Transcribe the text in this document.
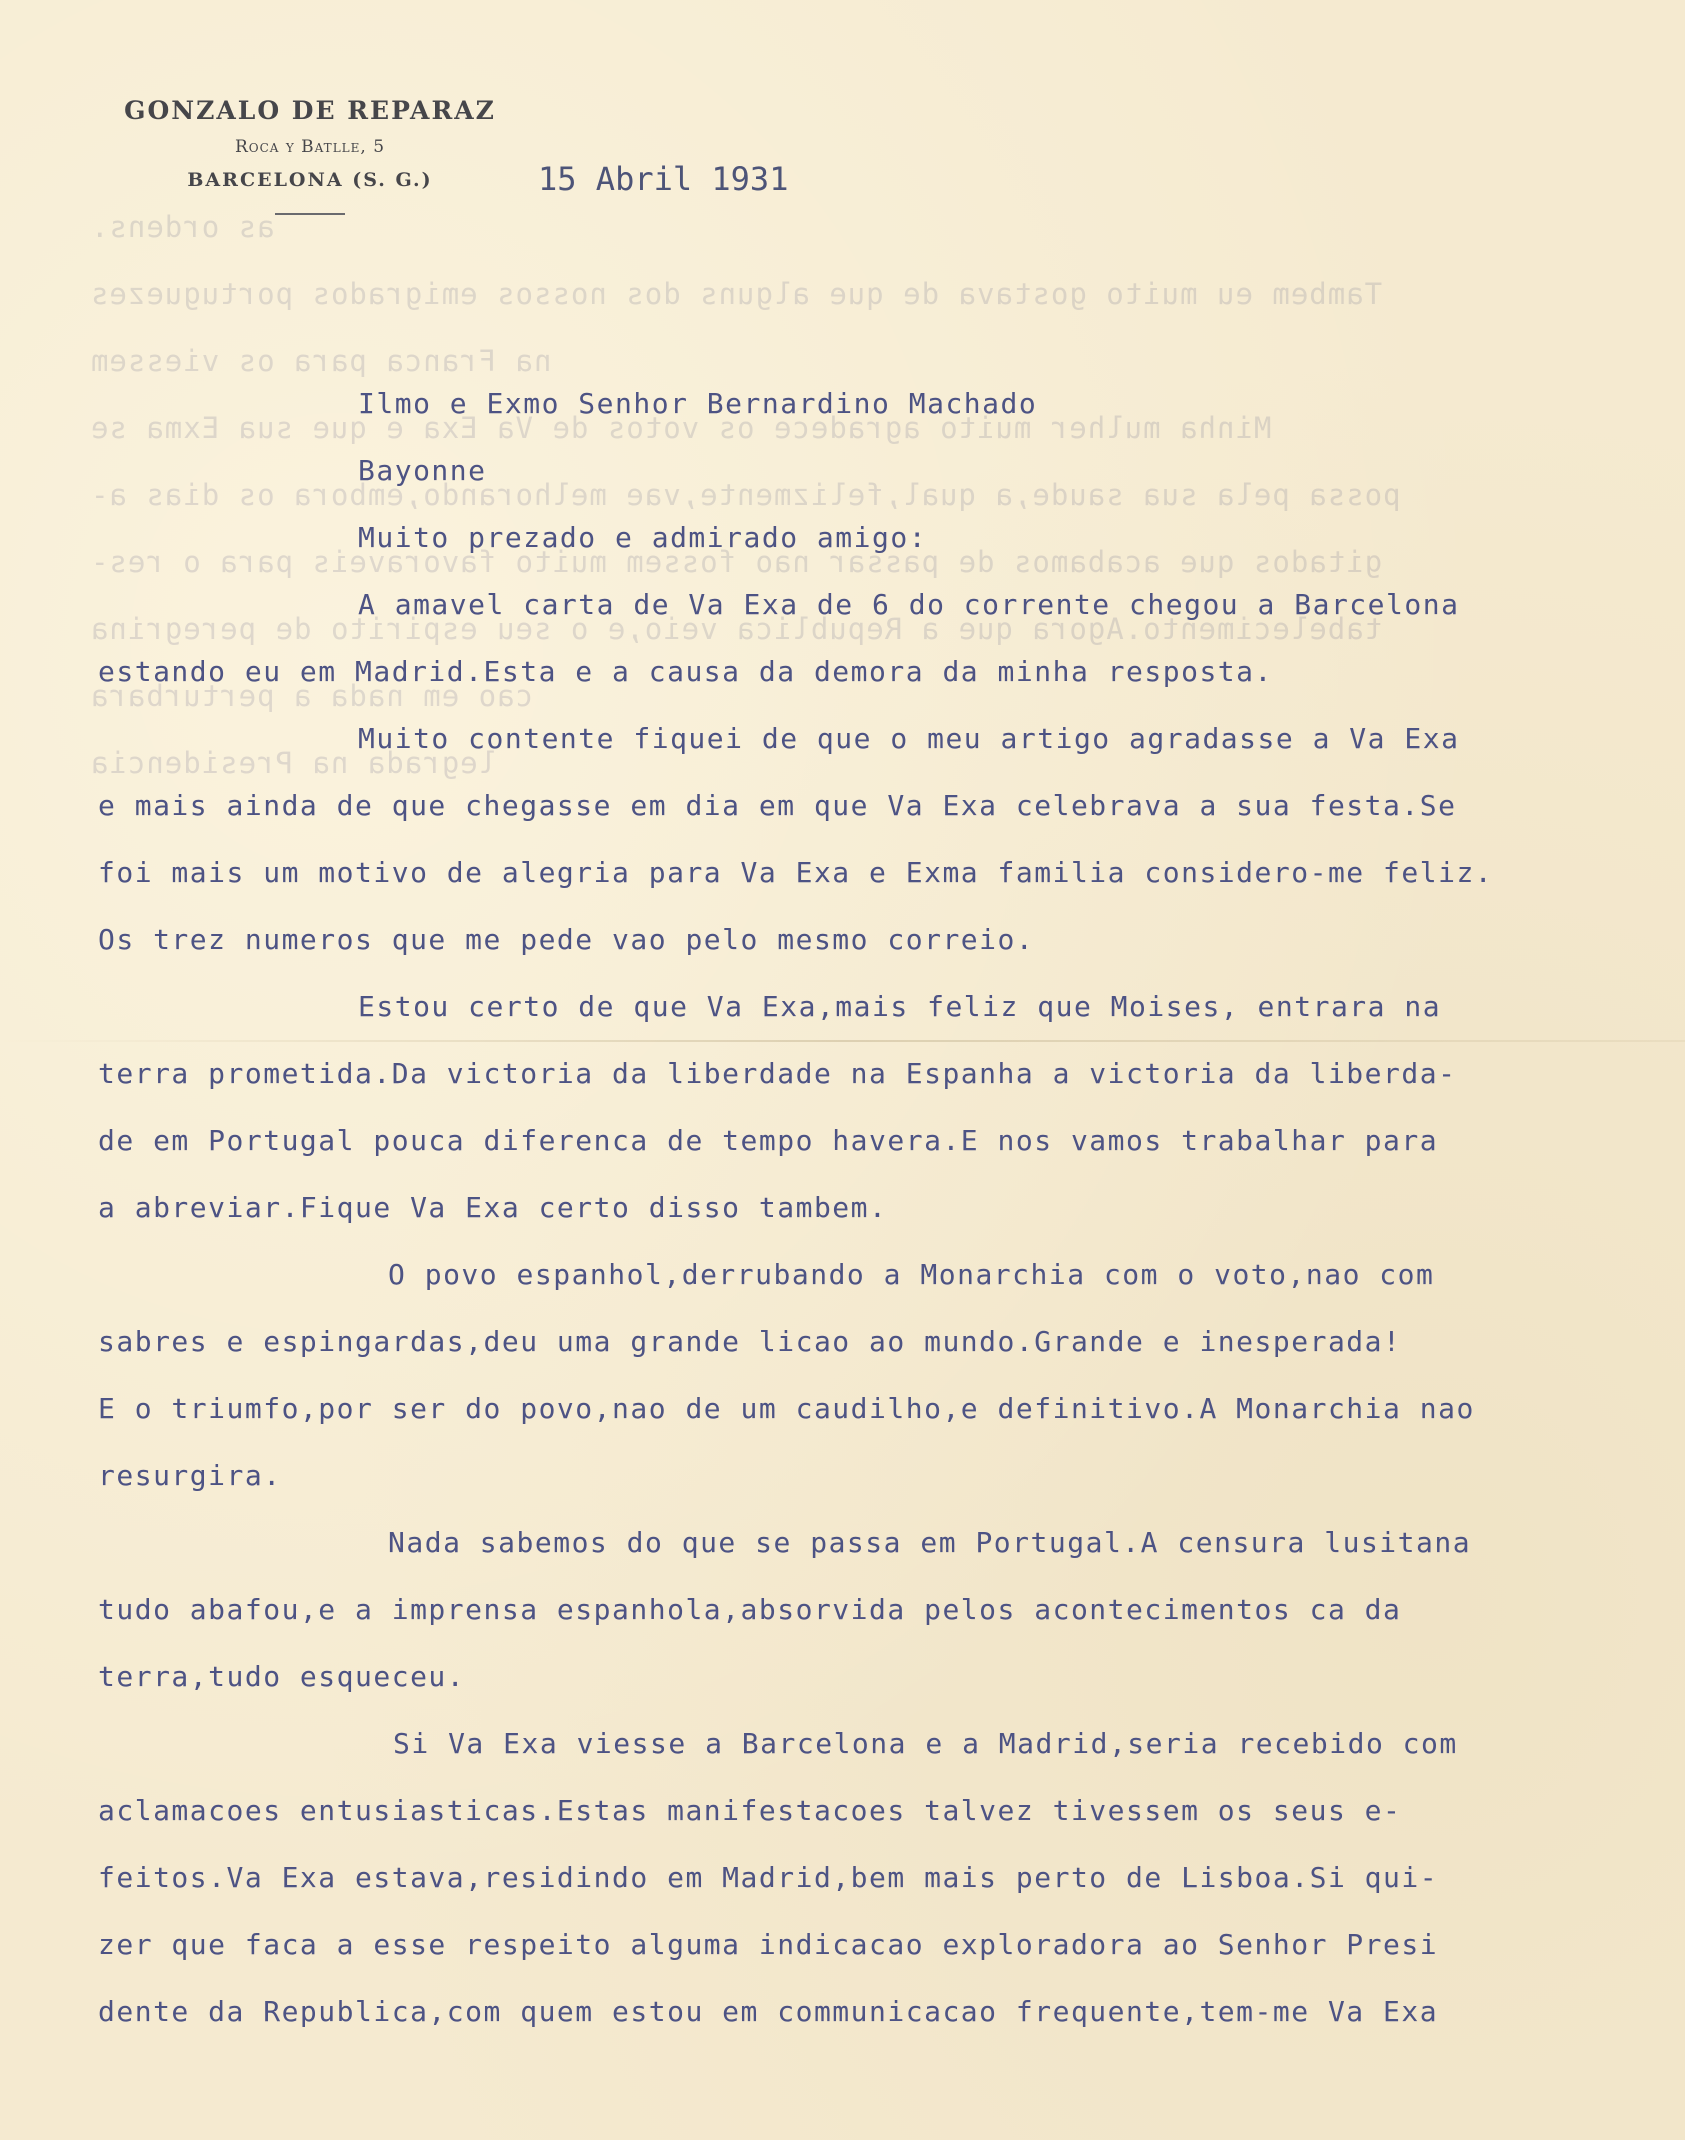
as ordens.
Tambem eu muito gostava de que alguns dos nossos emigrados portuguezes
na Franca para os viessem
Minha mulher muito agradece os votos de Va Exa e que sua Exma se
possa pela sua saude,a qual,felizmente,vae melhorando,embora os dias a-
gitados que acabamos de passar nao fossem muito favoraveis para o res-
tabelecimento.Agora que a Republica veio,e o seu espirito de peregrina
cao em nada a perturbara
legrada na Presidencia
GONZALO DE REPARAZ
Roca y Batlle, 5
BARCELONA (S. G.)	15 Abril 1931
Ilmo e Exmo Senhor Bernardino Machado
Bayonne
Muito prezado e admirado amigo:
A amavel carta de Va Exa de 6 do corrente chegou a Barcelona
estando eu em Madrid.Esta e a causa da demora da minha resposta.
Muito contente fiquei de que o meu artigo agradasse a Va Exa
e mais ainda de que chegasse em dia em que Va Exa celebrava a sua festa.Se
foi mais um motivo de alegria para Va Exa e Exma familia considero-me feliz.
Os trez numeros que me pede vao pelo mesmo correio.
Estou certo de que Va Exa,mais feliz que Moises, entrara na
terra prometida.Da victoria da liberdade na Espanha a victoria da liberda-
de em Portugal pouca diferenca de tempo havera.E nos vamos trabalhar para
a abreviar.Fique Va Exa certo disso tambem.
O povo espanhol,derrubando a Monarchia com o voto,nao com
sabres e espingardas,deu uma grande licao ao mundo.Grande e inesperada!
E o triumfo,por ser do povo,nao de um caudilho,e definitivo.A Monarchia nao
resurgira.
Nada sabemos do que se passa em Portugal.A censura lusitana
tudo abafou,e a imprensa espanhola,absorvida pelos acontecimentos ca da
terra,tudo esqueceu.
Si Va Exa viesse a Barcelona e a Madrid,seria recebido com
aclamacoes entusiasticas.Estas manifestacoes talvez tivessem os seus e-
feitos.Va Exa estava,residindo em Madrid,bem mais perto de Lisboa.Si qui-
zer que faca a esse respeito alguma indicacao exploradora ao Senhor Presi
dente da Republica,com quem estou em communicacao frequente,tem-me Va Exa
